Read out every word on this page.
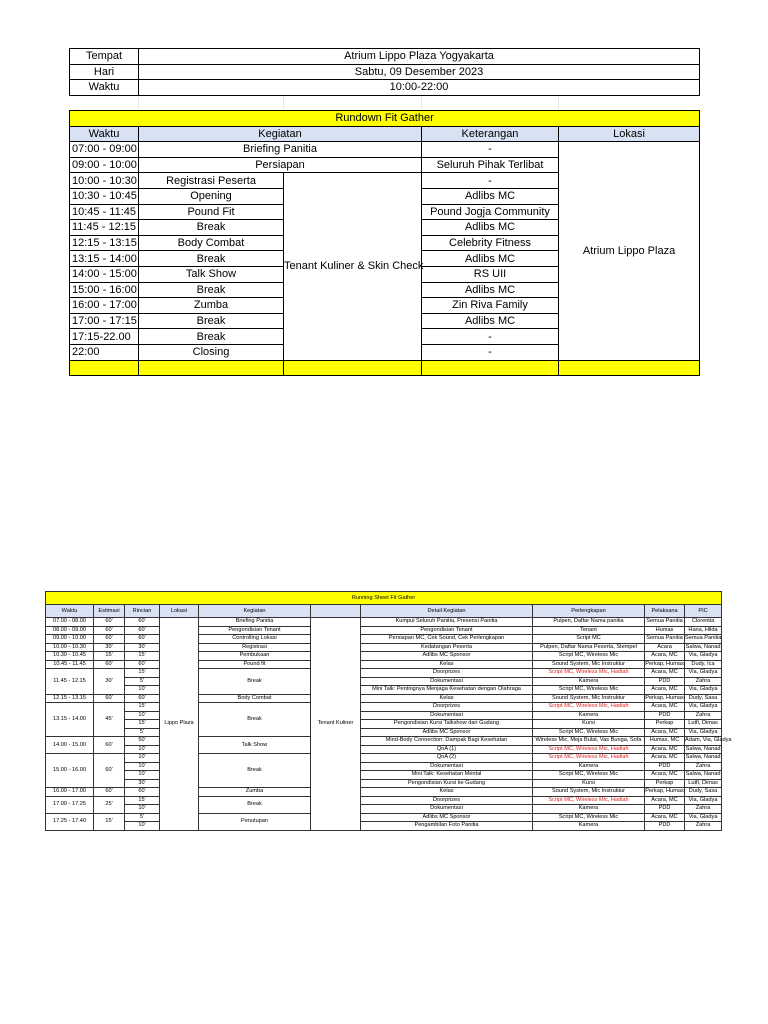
Tempat	Atrium Lippo Plaza Yogyakarta
Hari	Sabtu, 09 Desember 2023
Waktu	10:00-22:00
Rundown Fit Gather				
Waktu	Kegiatan		Keterangan	Lokasi
07:00 - 09:00	Briefing Panitia		-	Atrium Lippo Plaza
09:00 - 10:00	Persiapan		Seluruh Pihak Terlibat	
10:00 - 10:30	Registrasi Peserta	Tenant Kuliner & Skin Check	-	
10:30 - 10:45	Opening		Adlibs MC	
10:45 - 11:45	Pound Fit		Pound Jogja Community	
11:45 - 12:15	Break		Adlibs MC	
12:15 - 13:15	Body Combat		Celebrity Fitness	
13:15 - 14:00	Break		Adlibs MC	
14:00 - 15:00	Talk Show		RS UII	
15:00 - 16:00	Break		Adlibs MC	
16:00 - 17:00	Zumba		Zin Riva Family	
17:00 - 17:15	Break		Adlibs MC	
17:15-22.00	Break		-	
22:00	Closing		-	

Running Sheet Fit Gather									
Waktu	Estimasi	Rincian	Lokasi	Kegiatan		Detail Kegiatan	Perlengkapan	Pelaksana	PIC
07.00 - 08.00	60'	60'	Lippo Plaza	Briefing Panitia	Tenant Kuliner	Kumpul Seluruh Panitia, Presensi Panitia	Pulpen, Daftar Nama panitia	Semua Panitia	Clorentia
08.00 - 09.00	60'	60'		Pengondisian Tenant		Pengondisian Tenant	Tenant	Humas	Hana, Hilda
09.00 - 10.00	60'	60'		Controlling Lokasi		Persiapan MC, Cek Sound, Cek Perlengkapan	Script MC	Semua Panitia	Semua Panitia
10.00 - 10.30	30'	30'		Registrasi		Kedatangan Peserta	Pulpen, Daftar Nama Peserta, Stempel	Acara	Salwa, Nanad
10.30 - 10.45	15'	15'		Pembukaan		Adlibs MC Sponsor	Script MC, Wireless Mic	Acara, MC	Via, Gladya
10.45 - 11.45	60'	60'		Pound fit		Kelas	Sound System, Mic Instruktur	Perkap, Humas	Dudy, Ica
11.45 - 12.15	30'	15'		Break		Doorprizes	Script MC, Wireless Mic, Hadiah	Acara, MC	Via, Gladya
		5'				Dokumentasi	Kamera	PDD	Zahra
		10'				Mini Talk: Pentingnya Menjaga Kesehatan dengan Olahraga	Script MC, Wireless Mic	Acara, MC	Via, Gladya
12.15 - 13.15	60'	60'		Body Combat		Kelas	Sound System, Mic Instruktur	Perkap, Humas	Dudy, Sasa
13.15 - 14.00	45'	15'		Break		Doorprizes	Script MC, Wireless Mic, Hadiah	Acara, MC	Via, Gladya
		10'				Dokumentasi	Kamera	PDD	Zahra
		15'				Pengondisian Kursi Talkshow dari Gudang	Kursi	Perkap	Lutfi, Dimas
		5'				Adlibs MC Sponsor	Script MC, Wireless Mic	Acara, MC	Via, Gladya
14.00 - 15.00	60'	50'		Talk Show		Mind-Body Connection: Dampak Bagi Kesehatan	Wireless Mic, Meja Bulat, Vas Bunga, Sofa	Humas, MC	Adam, Via, Gladya
		10'				QnA (1)	Script MC, Wireless Mic, Hadiah	Acara, MC	Salwa, Nanad
15.00 - 16.00	60'	10'		Break		QnA (2)	Script MC, Wireless Mic, Hadiah	Acara, MC	Salwa, Nanad
		10'				Dokumentasi	Kamera	PDD	Zahra
		10'				Mini Talk: Kesehatan Mental	Script MC, Wireless Mic	Acara, MC	Salwa, Nanad
		30'				Pengondisian Kursi ke Gudang	Kursi	Perkap	Lutfi, Dimas
16.00 - 17.00	60'	60'		Zumba		Kelas	Sound System, Mic Instruktur	Perkap, Humas	Dudy, Sasa
17.00 - 17.25	25'	15'		Break		Doorprizes	Script MC, Wireless Mic, Hadiah	Acara, MC	Via, Gladya
		10'				Dokumentasi	Kamera	PDD	Zahra
17.25 - 17.40	15'	5'		Penutupan		Adlibs MC Sponsor	Script MC, Wireless Mic	Acara, MC	Via, Gladya
		10'				Pengambilan Foto Panitia	Kamera	PDD	Zahra
